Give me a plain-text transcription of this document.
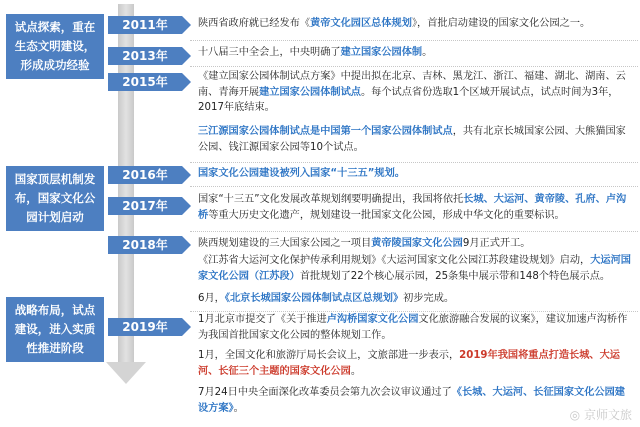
试点探索，重在生态文明建设，形成成功经验
国家顶层机制发布，国家文化公园计划启动
战略布局，试点建设，进入实质性推进阶段
2011年
2013年
2015年
2016年
2017年
2018年
2019年
陕西省政府就已经发布《黄帝文化园区总体规划》，首批启动建设的国家文化公园之一。
十八届三中全会上，中央明确了建立国家公园体制。
《建立国家公园体制试点方案》中提出拟在北京、吉林、黑龙江、浙江、福建、湖北、湖南、云南、青海开展建立国家公园体制试点。每个试点省份选取1个区域开展试点，试点时间为3年，2017年底结束。
三江源国家公园体制试点是中国第一个国家公园体制试点，共有北京长城国家公园、大熊猫国家公园、钱江源国家公园等10个试点。
国家文化公园建设被列入国家“十三五”规划。
国家“十三五”文化发展改革规划纲要明确提出，我国将依托长城、大运河、黄帝陵、孔府、卢沟桥等重大历史文化遗产，规划建设一批国家文化公园，形成中华文化的重要标识。
陕西规划建设的三大国家公园之一项目黄帝陵国家文化公园9月正式开工。
《江苏省大运河文化保护传承利用规划》《大运河国家文化公园江苏段建设规划》启动，大运河国家文化公园（江苏段）首批规划了22个核心展示园，25条集中展示带和148个特色展示点。
6月，《北京长城国家公园体制试点区总规划》初步完成。
1月北京市提交了《关于推进卢沟桥国家文化公园文化旅游融合发展的议案》，建议加速卢沟桥作为我国首批国家文化公园的整体规划工作。
1月，全国文化和旅游厅局长会议上，文旅部进一步表示，2019年我国将重点打造长城、大运河、长征三个主题的国家文化公园。
7月24日中央全面深化改革委员会第九次会议审议通过了《长城、大运河、长征国家文化公园建设方案》。	◎ 京师文旅
